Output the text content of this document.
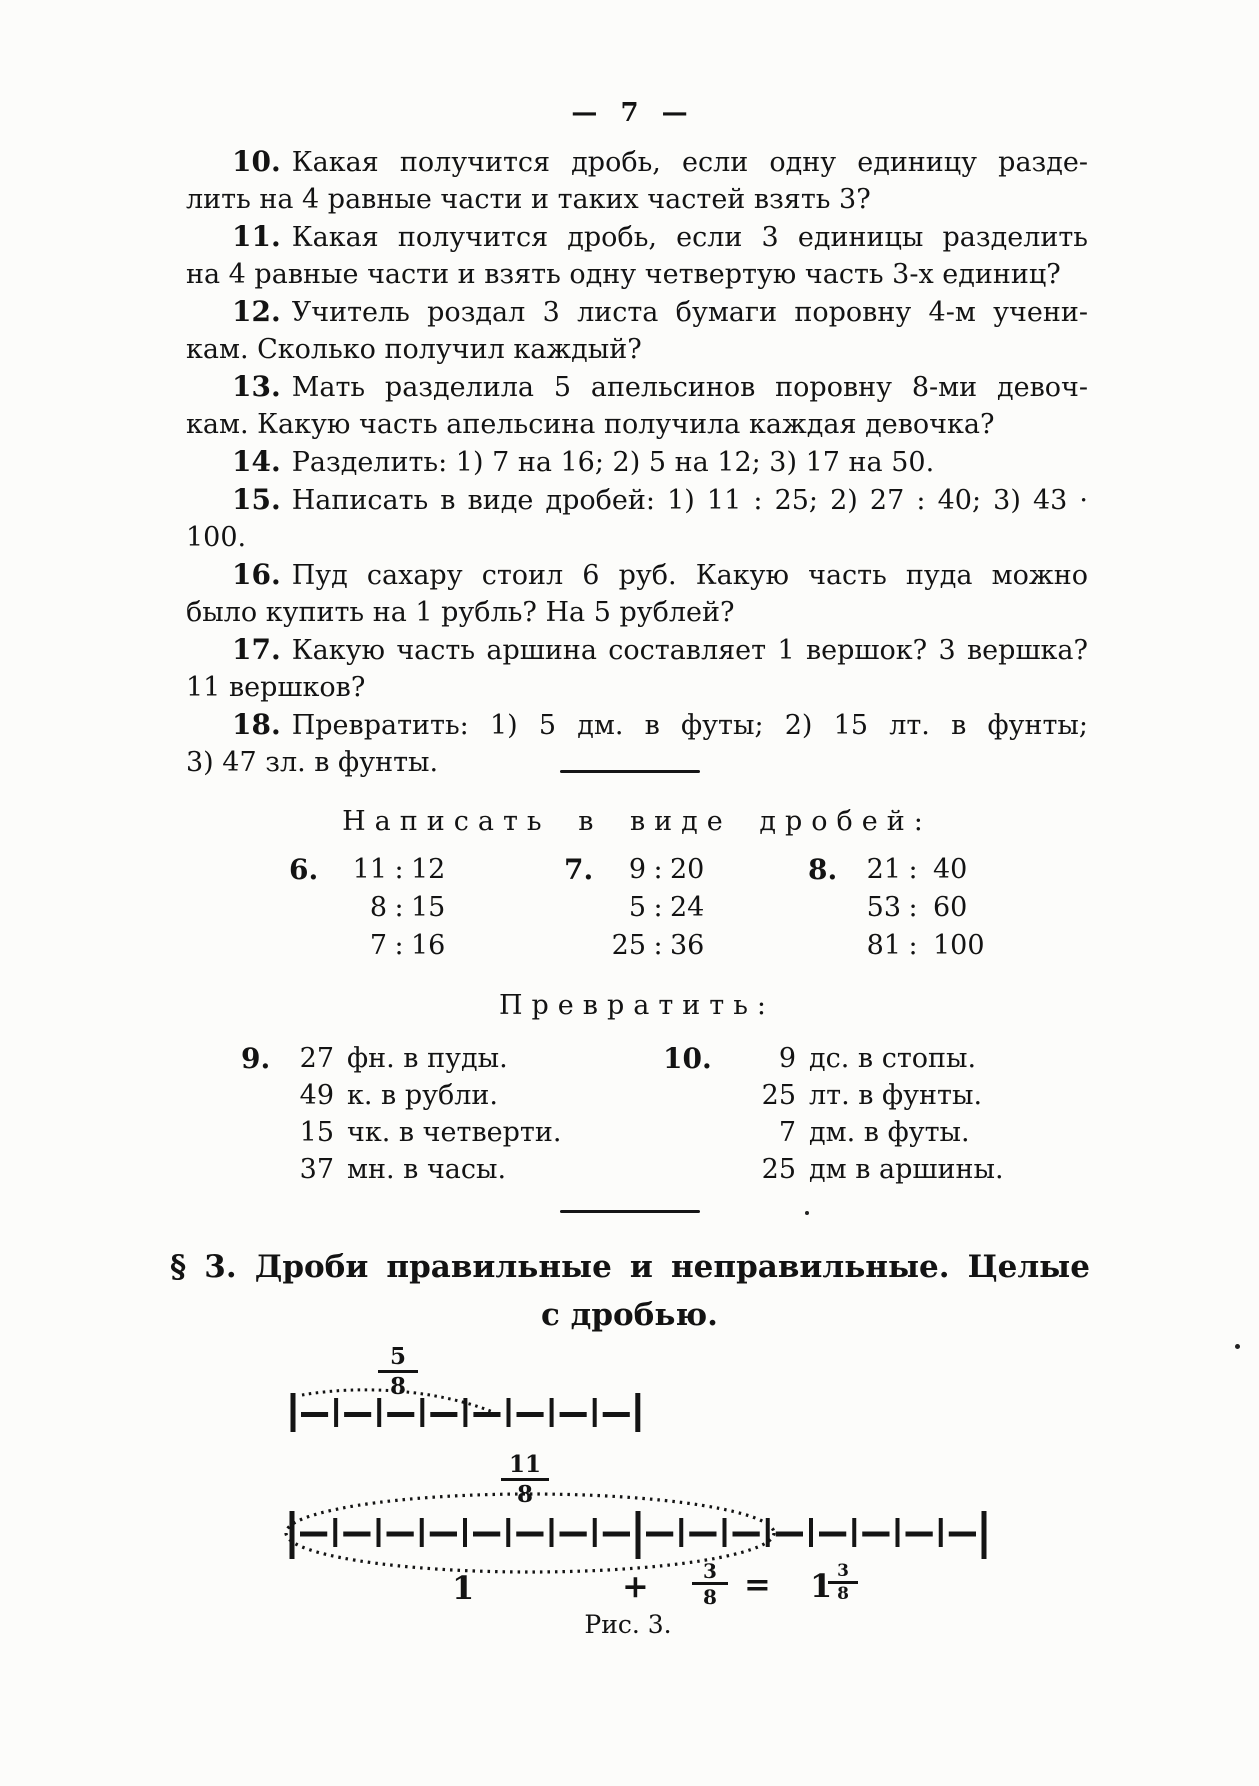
— 7 —

10. Какая получится дробь, если одну единицу разде-
лить на 4 равные части и таких частей взять 3?

11. Какая получится дробь, если 3 единицы разделить
на 4 равные части и взять одну четвертую часть 3-х единиц?

12. Учитель роздал 3 листа бумаги поровну 4-м учени-
кам. Сколько получил каждый?

13. Мать разделила 5 апельсинов поровну 8-ми девоч-
кам. Какую часть апельсина получила каждая девочка?

14. Разделить: 1) 7 на 16; 2) 5 на 12; 3) 17 на 50.

15. Написать в виде дробей: 1) 11 : 25; 2) 27 : 40; 3) 43 · 100.

16. Пуд сахару стоил 6 руб. Какую часть пуда можно
было купить на 1 рубль? На 5 рублей?

17. Какую часть аршина составляет 1 вершок? 3 вершка?
11 вершков?

18. Превратить: 1) 5 дм. в футы; 2) 15 лт. в фунты;
3) 47 зл. в фунты.

Написать в виде дробей:
6.	11 : 12
8 : 15
7 : 16
7.	9 : 20
5 : 24
25 : 36
8.	21 : 40
53 : 60
81 : 100
Превратить:
9.	27 фн. в пуды.
49 к. в рубли.
15 чк. в четверти.
37 мн. в часы.
10.	9 дс. в стопы.
25 лт. в фунты.
7 дм. в футы.
25 дм в аршины.
§ 3. Дроби правильные и неправильные. Целые
с дробью.
5
8
11
8
1	+	3
8 = 1 3
8
Рис. 3.
